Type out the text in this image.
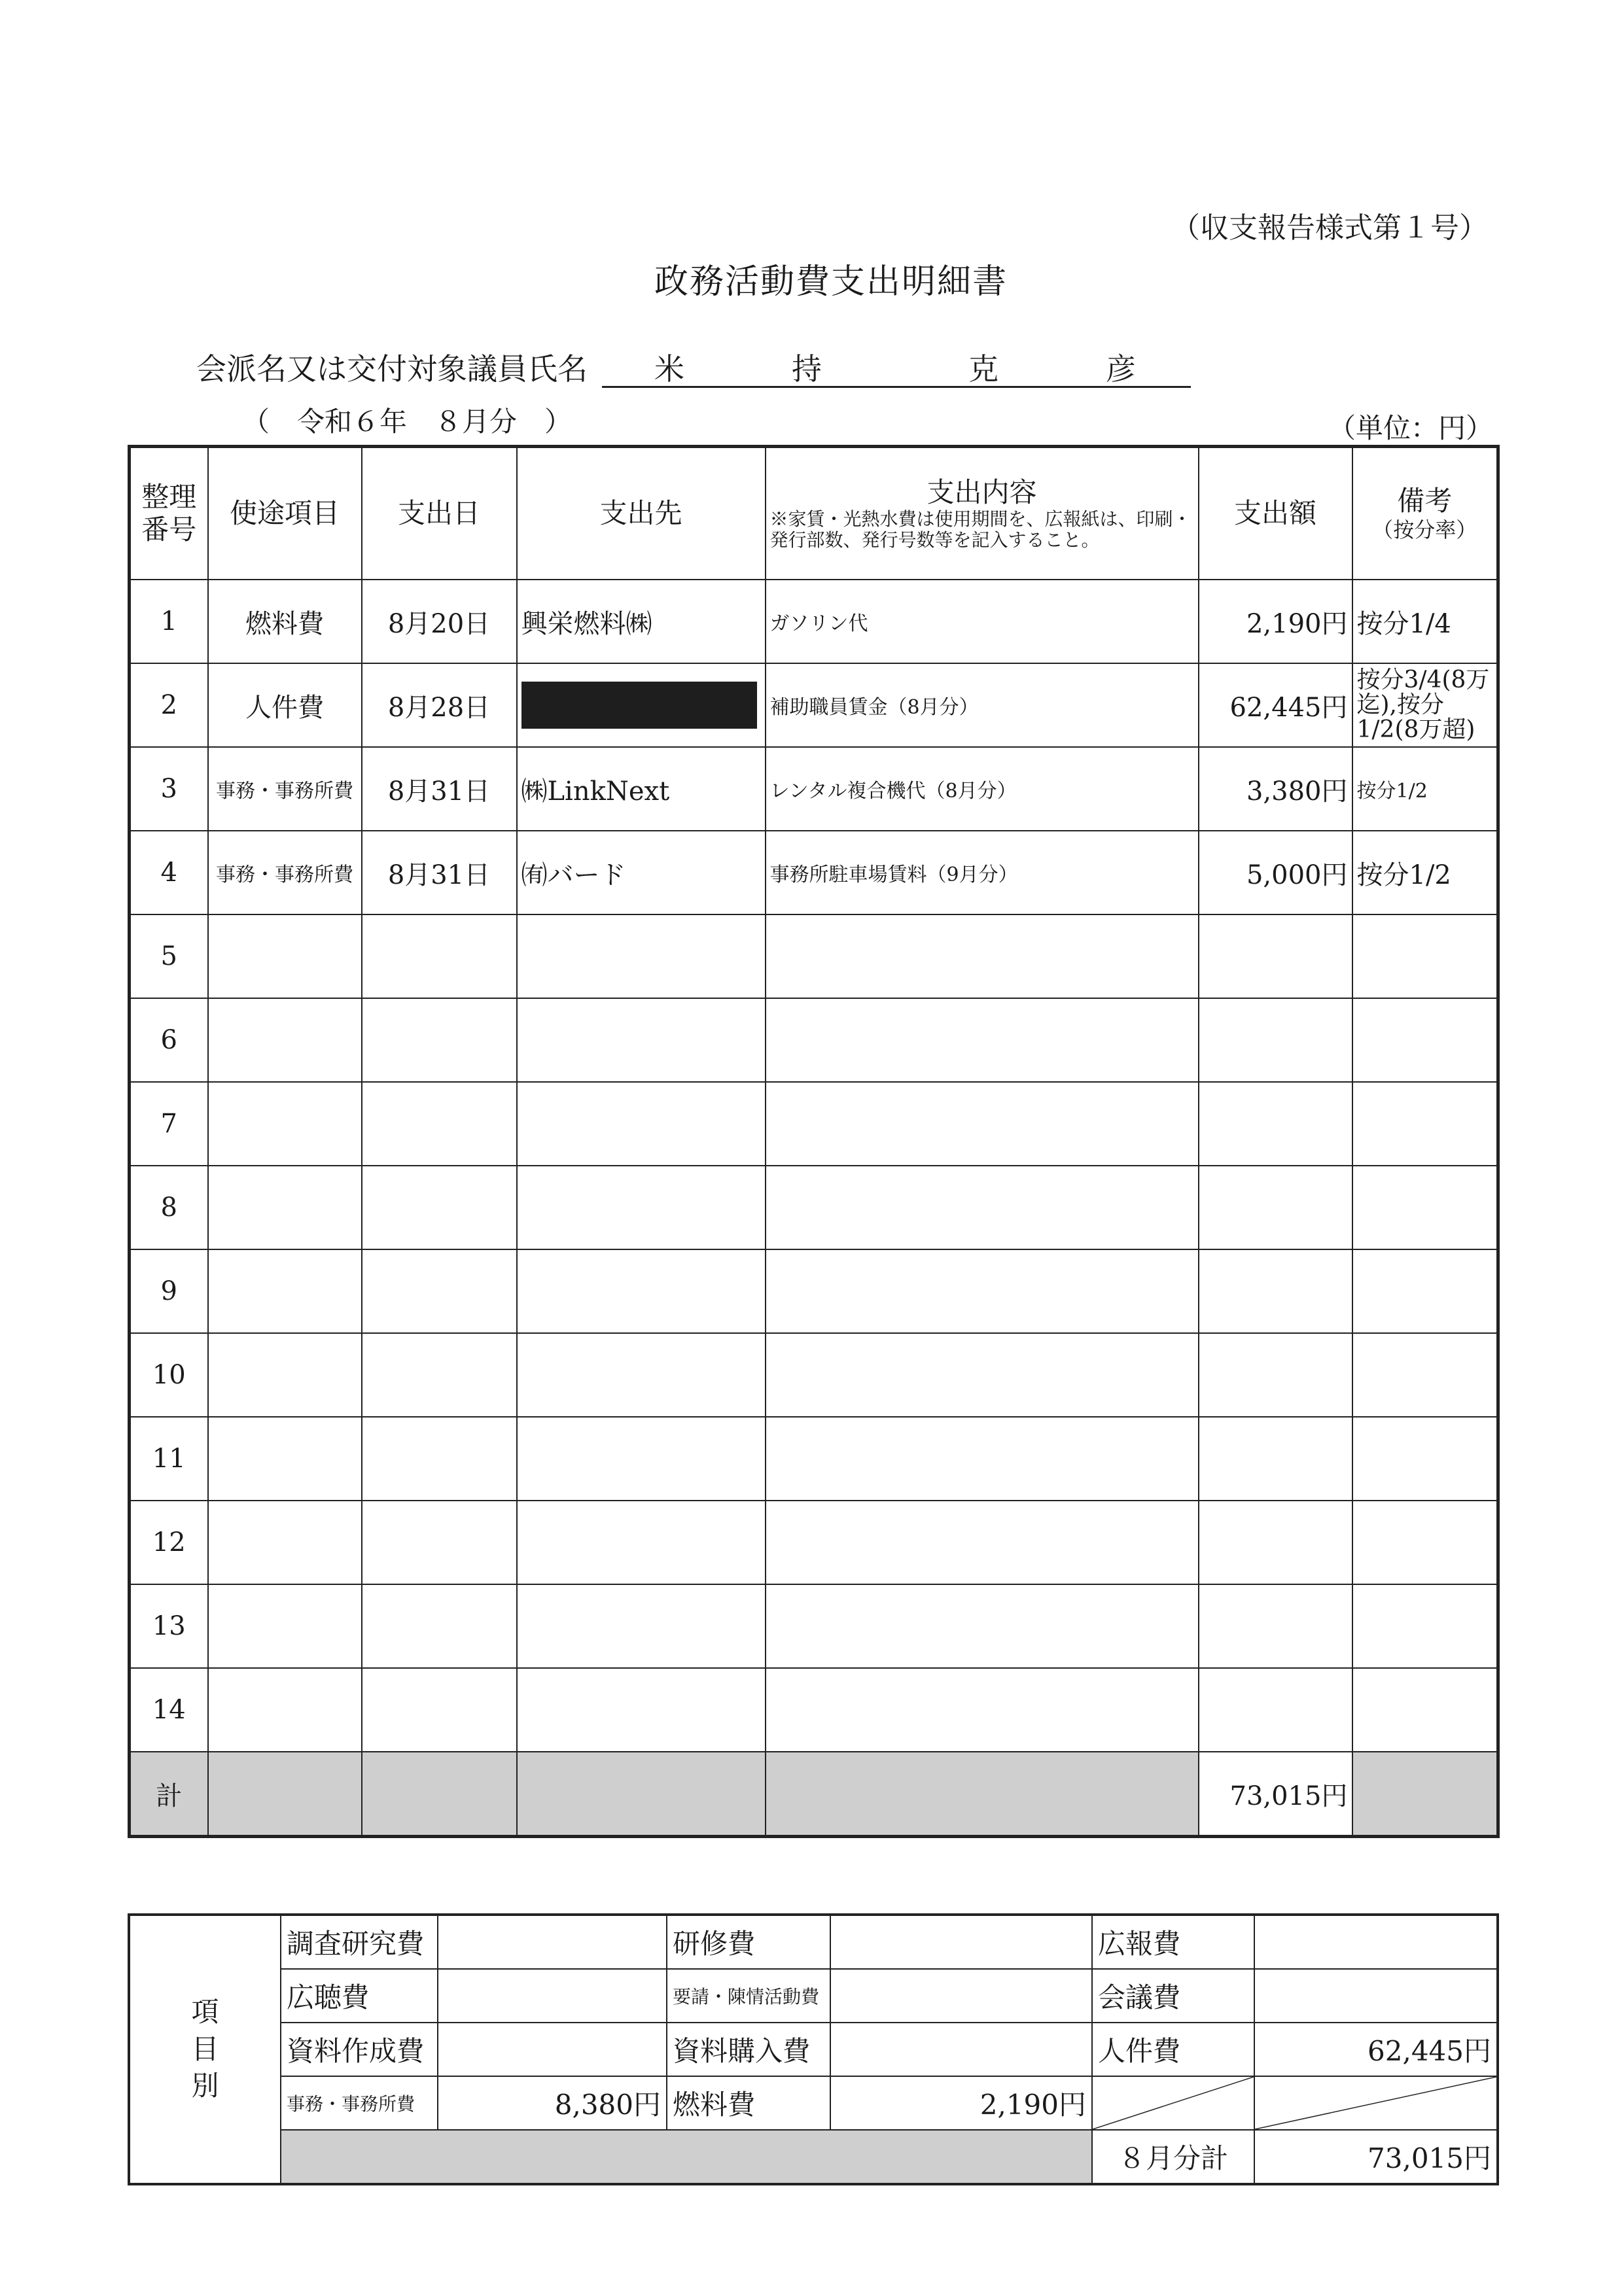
（収支報告様式第１号）
政務活動費支出明細書
会派名又は交付対象議員氏名 米	持	克	彦
（　令和６年　８月分　）	（単位：円）
整理番号	使途項目	支出日	支出先	支出内容
※家賃・光熱水費は使用期間を、広報紙は、印刷・発行部数、発行号数等を記入すること。	支出額	備考
（按分率）

1	燃料費	8月20日	興栄燃料㈱	ガソリン代	2,190円	按分1/4
2	人件費	8月28日		補助職員賃金（8月分）	62,445円	按分3/4(8万迄),按分1/2(8万超)
3	事務・事務所費	8月31日	㈱LinkNext	レンタル複合機代（8月分）	3,380円	按分1/2
4	事務・事務所費	8月31日	㈲バード	事務所駐車場賃料（9月分）	5,000円	按分1/2
5						
6						
7						
8						
9						
10						
11						
12						
13						
14						
計					73,015円	
項
目
別	調査研究費		研修費		広報費	
	広聴費		要請・陳情活動費		会議費	
	資料作成費		資料購入費		人件費	62,445円
	事務・事務所費	8,380円	燃料費	2,190円	

					８月分計	73,015円
